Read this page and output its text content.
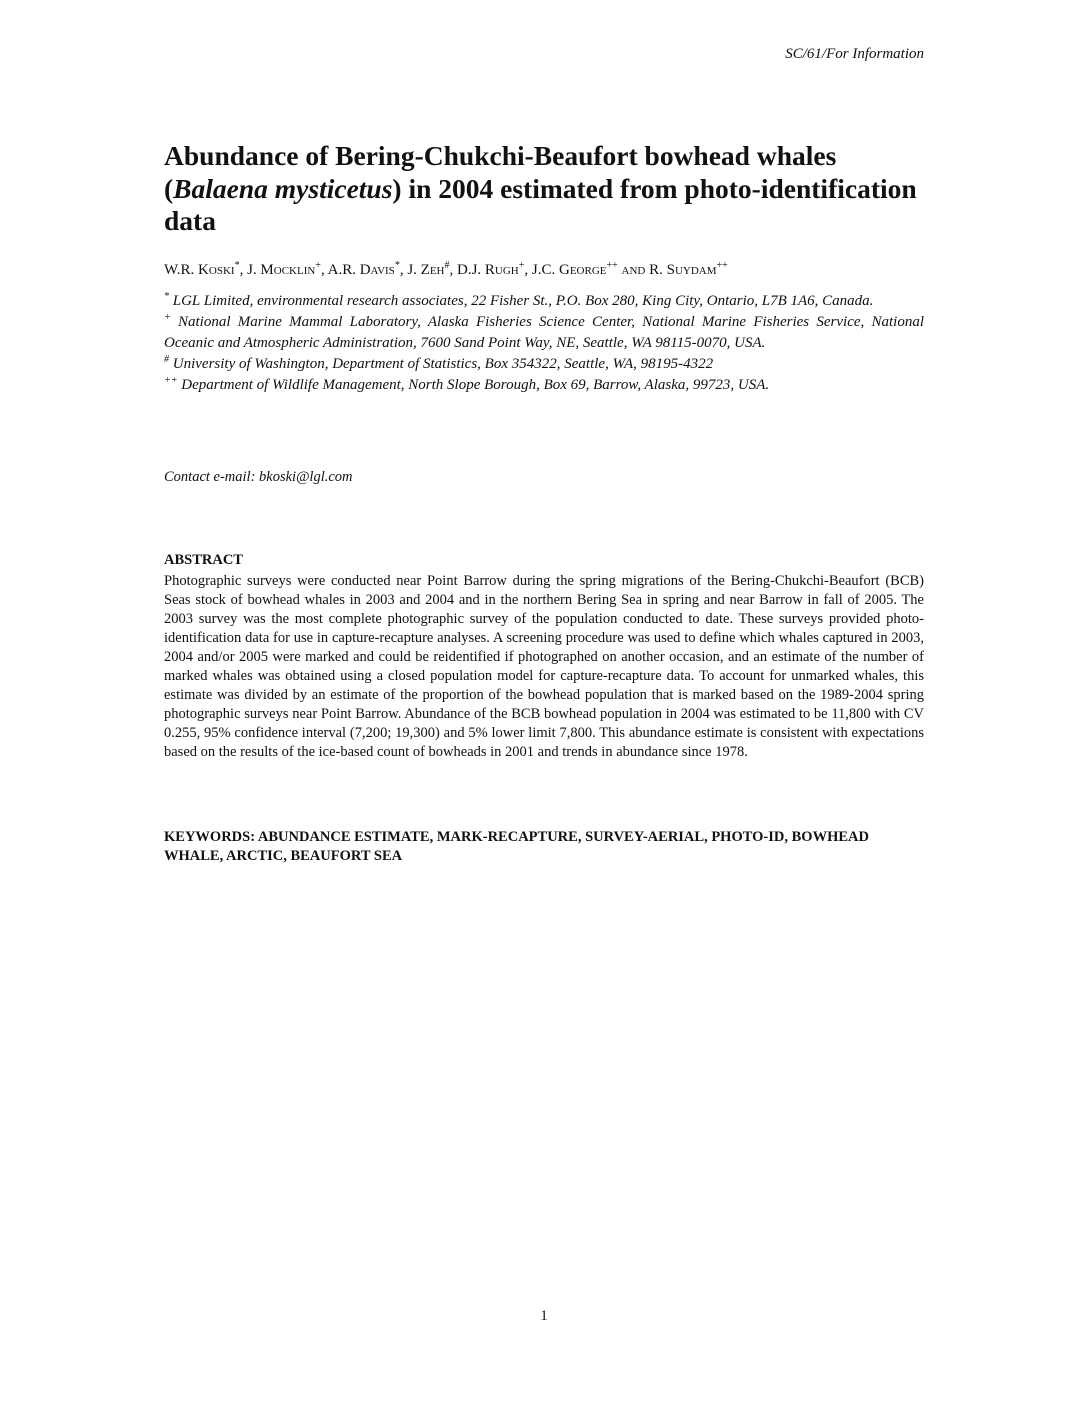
SC/61/For Information
Abundance of Bering-Chukchi-Beaufort bowhead whales (Balaena mysticetus) in 2004 estimated from photo-identification data
W.R. Koski*, J. Mocklin+, A.R. Davis*, J. Zeh#, D.J. Rugh+, J.C. George++ and R. Suydam++

* LGL Limited, environmental research associates, 22 Fisher St., P.O. Box 280, King City, Ontario, L7B 1A6, Canada.

+ National Marine Mammal Laboratory, Alaska Fisheries Science Center, National Marine Fisheries Service, National Oceanic and Atmospheric Administration, 7600 Sand Point Way, NE, Seattle, WA 98115-0070, USA.

# University of Washington, Department of Statistics, Box 354322, Seattle, WA, 98195-4322

++ Department of Wildlife Management, North Slope Borough, Box 69, Barrow, Alaska, 99723, USA.

Contact e-mail: bkoski@lgl.com
ABSTRACT

Photographic surveys were conducted near Point Barrow during the spring migrations of the Bering-Chukchi-Beaufort (BCB) Seas stock of bowhead whales in 2003 and 2004 and in the northern Bering Sea in spring and near Barrow in fall of 2005. The 2003 survey was the most complete photographic survey of the population conducted to date. These surveys provided photo-identification data for use in capture-recapture analyses. A screening procedure was used to define which whales captured in 2003, 2004 and/or 2005 were marked and could be reidentified if photographed on another occasion, and an estimate of the number of marked whales was obtained using a closed population model for capture-recapture data. To account for unmarked whales, this estimate was divided by an estimate of the proportion of the bowhead population that is marked based on the 1989-2004 spring photographic surveys near Point Barrow. Abundance of the BCB bowhead population in 2004 was estimated to be 11,800 with CV 0.255, 95% confidence interval (7,200; 19,300) and 5% lower limit 7,800. This abundance estimate is consistent with expectations based on the results of the ice-based count of bowheads in 2001 and trends in abundance since 1978.

KEYWORDS: ABUNDANCE ESTIMATE, MARK-RECAPTURE, SURVEY-AERIAL, PHOTO-ID, BOWHEAD WHALE, ARCTIC, BEAUFORT SEA

1
